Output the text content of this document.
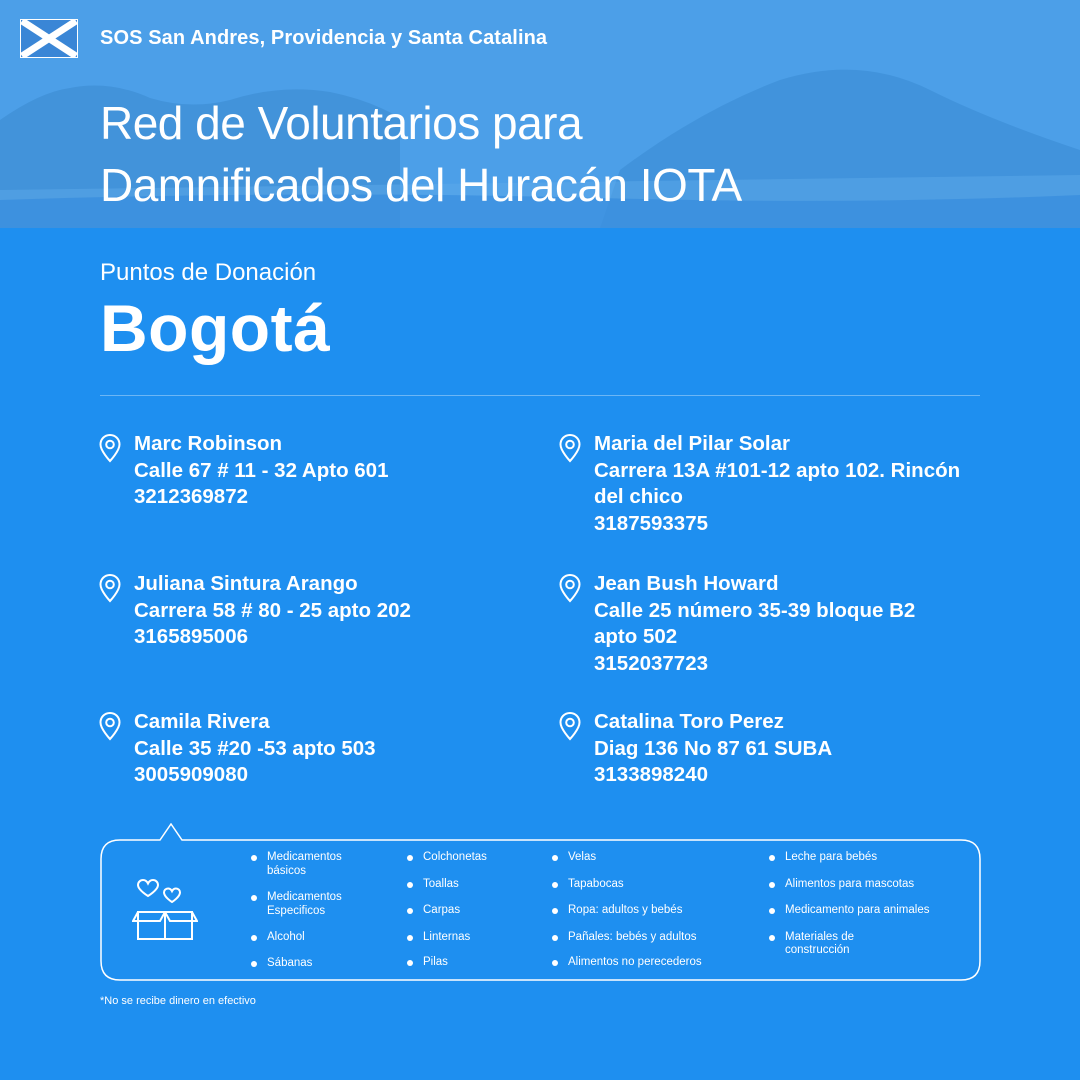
SOS San Andres, Providencia y Santa Catalina
Red de Voluntarios para
Damnificados del Huracán IOTA
Puntos de Donación
Bogotá
Marc Robinson
Calle 67 # 11 - 32 Apto 601
3212369872
Maria del Pilar Solar
Carrera 13A #101-12 apto 102. Rincón del chico
3187593375
Juliana Sintura Arango
Carrera 58 # 80 - 25 apto 202
3165895006
Jean Bush Howard
Calle 25 número 35-39 bloque B2 apto 502
3152037723
Camila Rivera
Calle 35 #20 -53 apto 503
3005909080
Catalina Toro Perez
Diag 136 No 87 61 SUBA
3133898240
Medicamentos básicos
Medicamentos Especificos
Alcohol
Sábanas
Colchonetas
Toallas
Carpas
Linternas
Pilas
Velas
Tapabocas
Ropa: adultos y bebés
Pañales: bebés y adultos
Alimentos no perecederos
Leche para bebés
Alimentos para mascotas
Medicamento para animales
Materiales de construcción
*No se recibe dinero en efectivo
